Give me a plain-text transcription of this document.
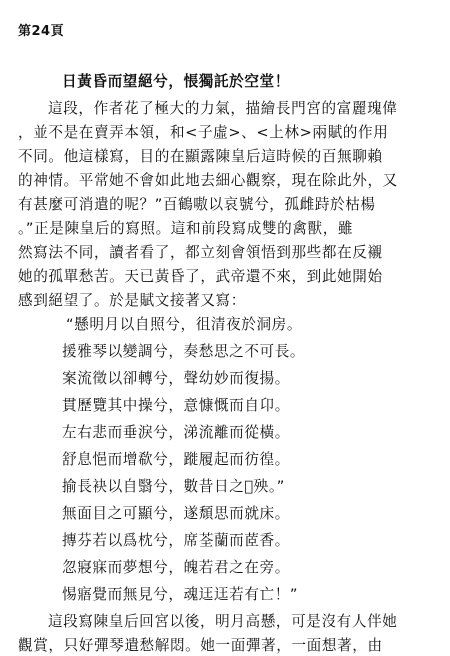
第24頁
日黃昏而望絕兮，悵獨託於空堂！
這段，作者花了極大的力氣，描繪長門宮的富麗瑰偉
，並不是在賣弄本領，和<子虛>、<上林>兩賦的作用
不同。他這樣寫，目的在顯露陳皇后這時候的百無聊賴
的神情。平常她不會如此地去細心觀察，現在除此外，又
有甚麼可消遣的呢？”百鶴嗷以哀號兮，孤雌跱於枯楊
。”正是陳皇后的寫照。這和前段寫成雙的禽獸，雖
然寫法不同，讀者看了，都立刻會領悟到那些都在反襯
她的孤單愁苦。天已黃昏了，武帝還不來，到此她開始
感到絕望了。於是賦文接著又寫：
“懸明月以自照兮，徂清夜於洞房。
援雅琴以變調兮，奏愁思之不可長。
案流徵以卻轉兮，聲幼妙而復揚。
貫歷覽其中操兮，意慷慨而自卬。
左右悲而垂淚兮，涕流離而從橫。
舒息悒而增欷兮，蹝履起而彷徨。
揄長袂以自翳兮，數昔日之𠎝殃。”
無面目之可顯兮，遂頹思而就床。
摶芬若以爲枕兮，席荃蘭而茝香。
忽寢寐而夢想兮，魄若君之在旁。
惕寤覺而無見兮，魂迋迋若有亡！”
這段寫陳皇后回宮以後，明月高懸，可是沒有人伴她
觀賞，只好彈琴遣愁解悶。她一面彈著，一面想著，由
